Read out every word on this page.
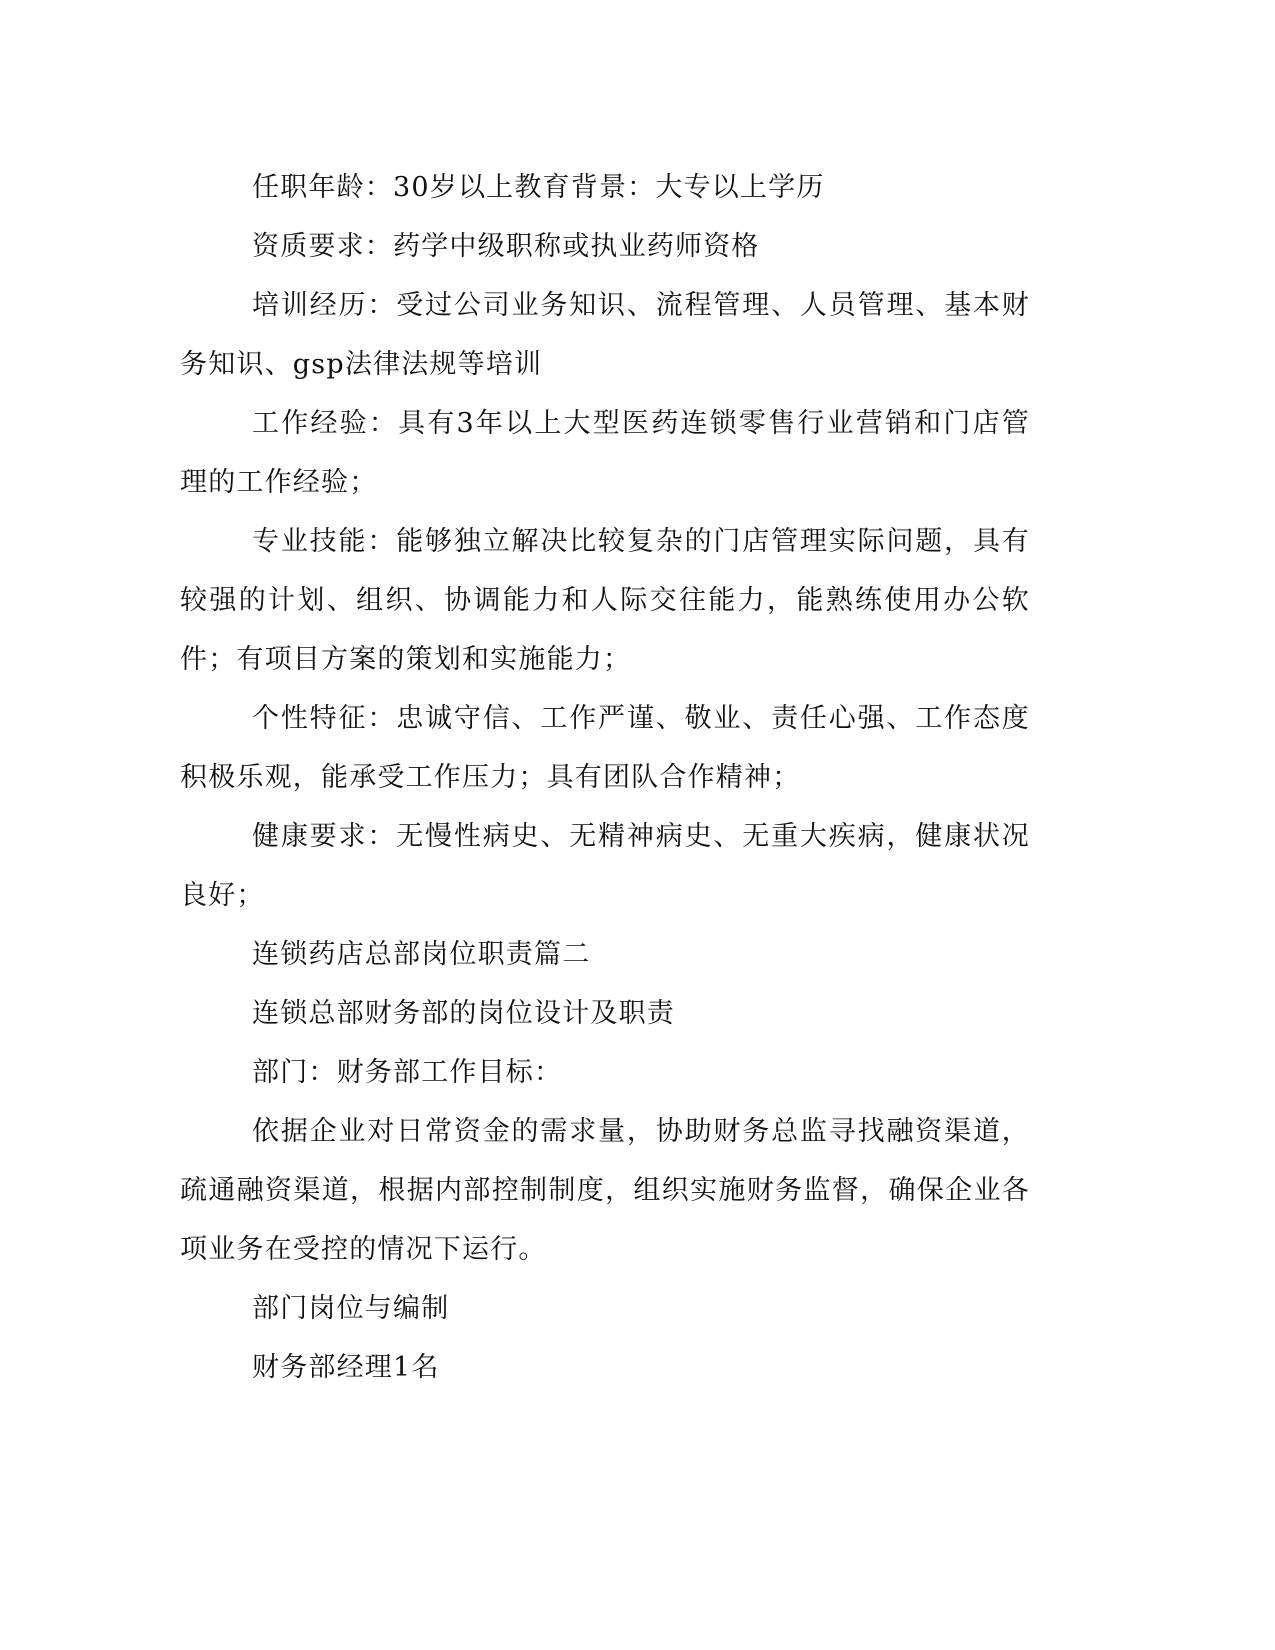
任职年龄：30岁以上教育背景：大专以上学历

资质要求：药学中级职称或执业药师资格

培训经历：受过公司业务知识、流程管理、人员管理、基本财务知识、gsp法律法规等培训

工作经验：具有3年以上大型医药连锁零售行业营销和门店管理的工作经验；

专业技能：能够独立解决比较复杂的门店管理实际问题，具有较强的计划、组织、协调能力和人际交往能力，能熟练使用办公软件；有项目方案的策划和实施能力；

个性特征：忠诚守信、工作严谨、敬业、责任心强、工作态度积极乐观，能承受工作压力；具有团队合作精神；

健康要求：无慢性病史、无精神病史、无重大疾病，健康状况良好；

连锁药店总部岗位职责篇二

连锁总部财务部的岗位设计及职责

部门：财务部工作目标：

依据企业对日常资金的需求量，协助财务总监寻找融资渠道，疏通融资渠道，根据内部控制制度，组织实施财务监督，确保企业各项业务在受控的情况下运行。

部门岗位与编制

财务部经理1名
